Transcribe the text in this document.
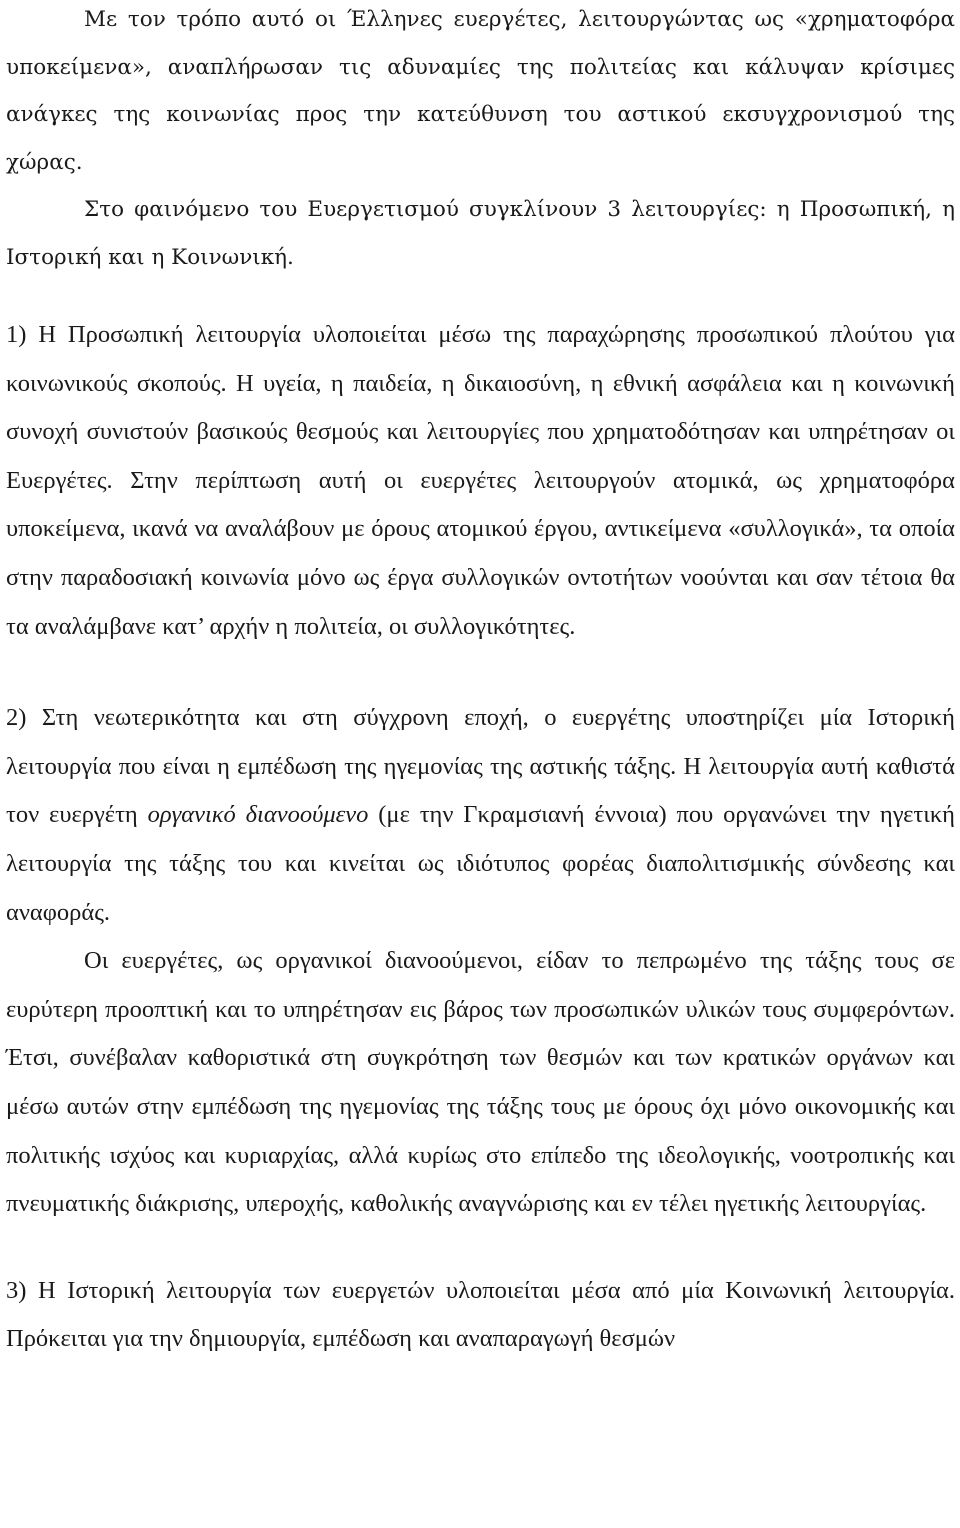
Με τον τρόπο αυτό οι Έλληνες ευεργέτες, λειτουργώντας ως «χρηματοφόρα υποκείμενα», αναπλήρωσαν τις αδυναμίες της πολιτείας και κάλυψαν κρίσιμες ανάγκες της κοινωνίας προς την κατεύθυνση του αστικού εκσυγχρονισμού της χώρας.

Στο φαινόμενο του Ευεργετισμού συγκλίνουν 3 λειτουργίες: η Προσωπική, η Ιστορική και η Κοινωνική.

1) Η Προσωπική λειτουργία υλοποιείται μέσω της παραχώρησης προσωπικού πλούτου για κοινωνικούς σκοπούς. Η υγεία, η παιδεία, η δικαιοσύνη, η εθνική ασφάλεια και η κοινωνική συνοχή συνιστούν βασικούς θεσμούς και λειτουργίες που χρηματοδότησαν και υπηρέτησαν οι Ευεργέτες. Στην περίπτωση αυτή οι ευεργέτες λειτουργούν ατομικά, ως χρηματοφόρα υποκείμενα, ικανά να αναλάβουν με όρους ατομικού έργου, αντικείμενα «συλλογικά», τα οποία στην παραδοσιακή κοινωνία μόνο ως έργα συλλογικών οντοτήτων νοούνται και σαν τέτοια θα τα αναλάμβανε κατ’ αρχήν η πολιτεία, οι συλλογικότητες.

2) Στη νεωτερικότητα και στη σύγχρονη εποχή, ο ευεργέτης υποστηρίζει μία Ιστορική λειτουργία που είναι η εμπέδωση της ηγεμονίας της αστικής τάξης. Η λειτουργία αυτή καθιστά τον ευεργέτη οργανικό διανοούμενο (με την Γκραμσιανή έννοια) που οργανώνει την ηγετική λειτουργία της τάξης του και κινείται ως ιδιότυπος φορέας διαπολιτισμικής σύνδεσης και αναφοράς.

Οι ευεργέτες, ως οργανικοί διανοούμενοι, είδαν το πεπρωμένο της τάξης τους σε ευρύτερη προοπτική και το υπηρέτησαν εις βάρος των προσωπικών υλικών τους συμφερόντων. Έτσι, συνέβαλαν καθοριστικά στη συγκρότηση των θεσμών και των κρατικών οργάνων και μέσω αυτών στην εμπέδωση της ηγεμονίας της τάξης τους με όρους όχι μόνο οικονομικής και πολιτικής ισχύος και κυριαρχίας, αλλά κυρίως στο επίπεδο της ιδεολογικής, νοοτροπικής και πνευματικής διάκρισης, υπεροχής, καθολικής αναγνώρισης και εν τέλει ηγετικής λειτουργίας.

3) Η Ιστορική λειτουργία των ευεργετών υλοποιείται μέσα από μία Κοινωνική λειτουργία. Πρόκειται για την δημιουργία, εμπέδωση και αναπαραγωγή θεσμών
